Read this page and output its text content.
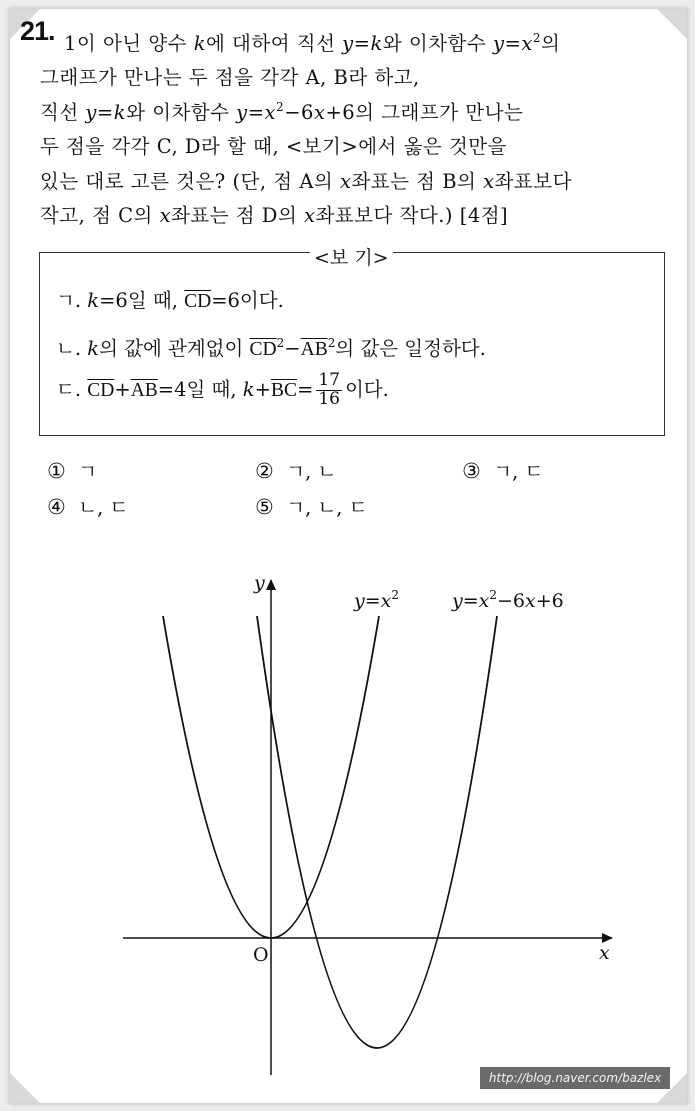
21. 1이 아닌 양수 k에 대하여 직선 y=k와 이차함수 $y=x^2$의
그래프가 만나는 두 점을 각각 A, B라 하고,
직선 y=k와 이차함수 $y=x^2-6x+6$의 그래프가 만나는
두 점을 각각 C, D라 할 때, <보기>에서 옳은 것만을
있는 대로 고른 것은? (단, 점 A의 x좌표는 점 B의 x좌표보다
작고, 점 C의 x좌표는 점 D의 x좌표보다 작다.) [4점]
<보 기>
ㄱ. k=6일 때, $\overline{CD}=6$이다.
ㄴ. k의 값에 관계없이 $\overline{CD}^2-\overline{AB}^2$의 값은 일정하다.
ㄷ. $\overline{CD}+\overline{AB}=4$일 때, $k+\overline{BC}= \frac{17}{16}$ 이다.
① ㄱ	② ㄱ, ㄴ	③ ㄱ, ㄷ
④ ㄴ, ㄷ	⑤ ㄱ, ㄴ, ㄷ
y
x
O
$y=x^2$	$y=x^2-6x+6$
http://blog.naver.com/bazlex
